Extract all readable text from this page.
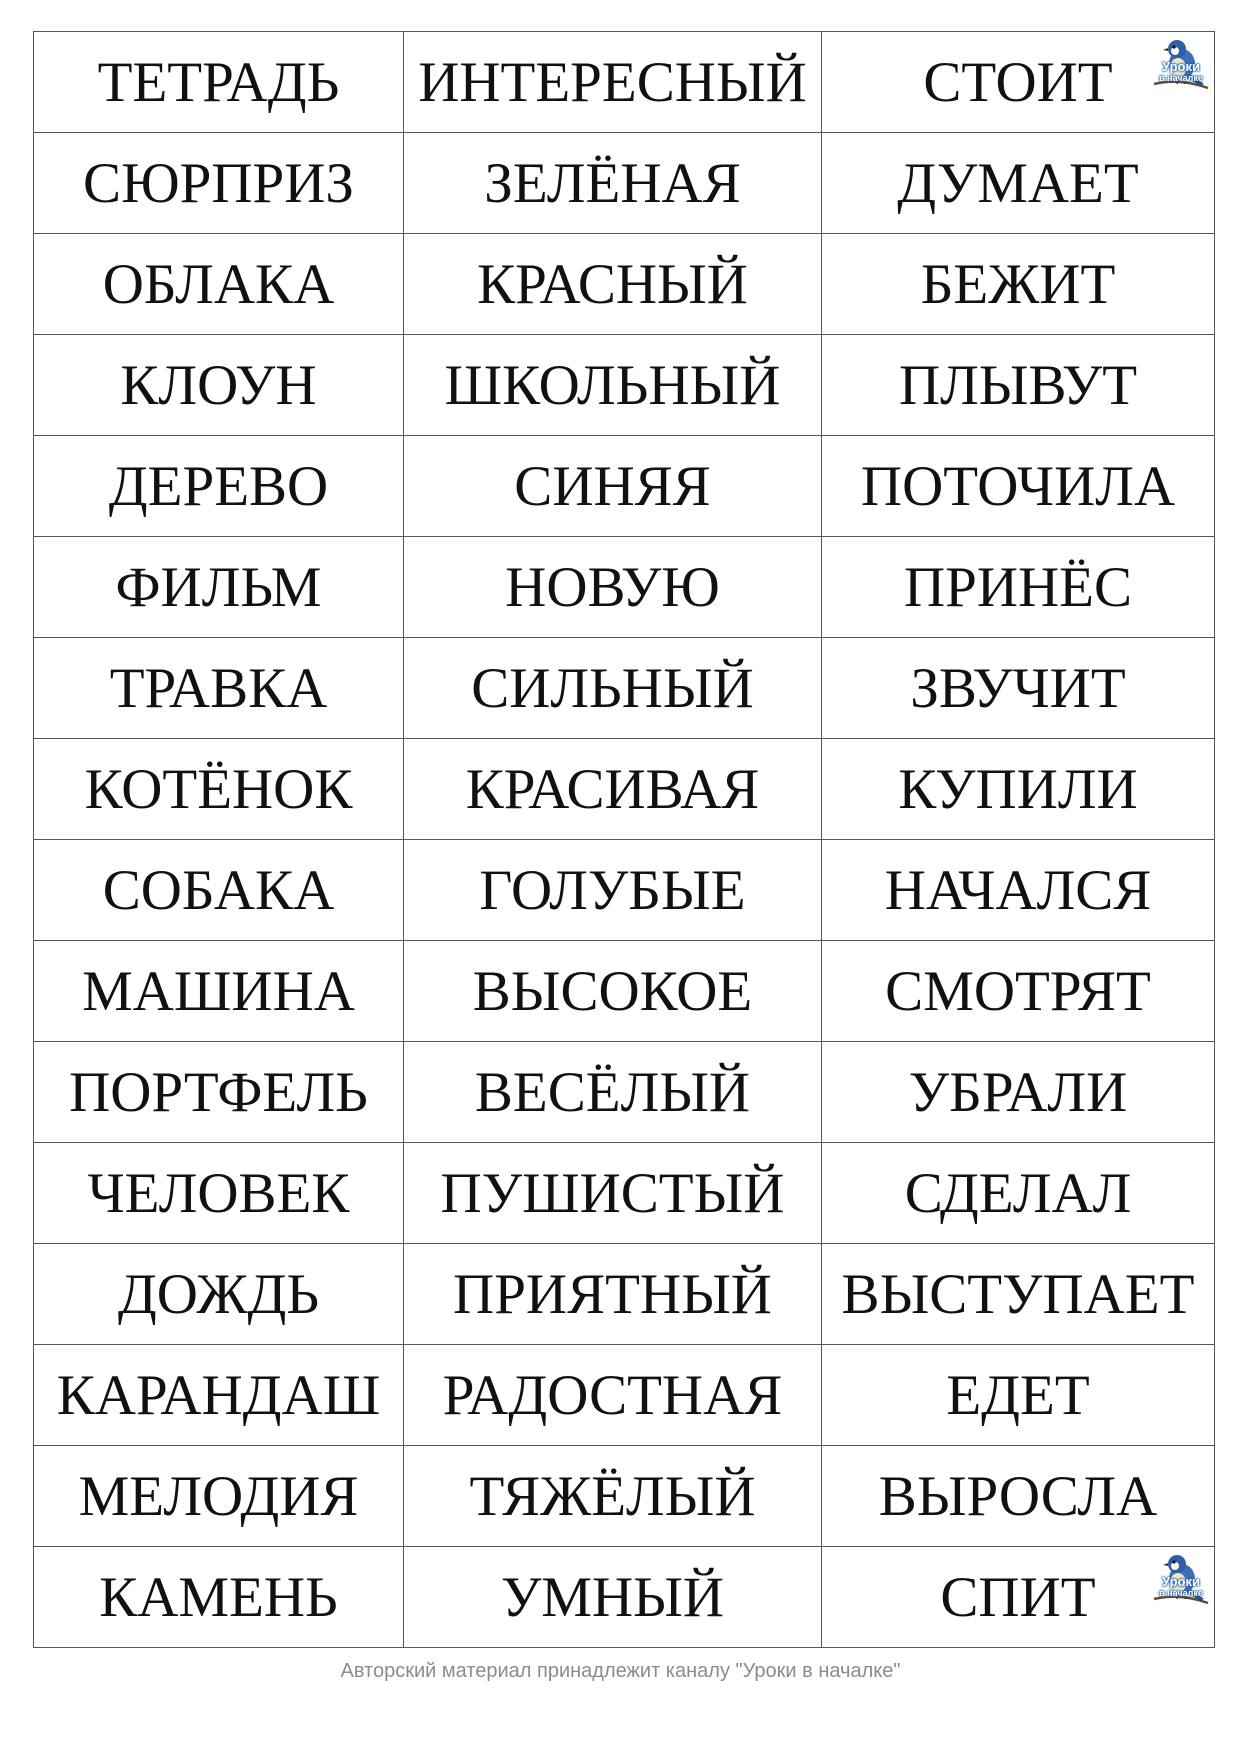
ТЕТРАДЬ	ИНТЕРЕСНЫЙ	СТОИТ Уроки
в началке

СЮРПРИЗ	ЗЕЛЁНАЯ	ДУМАЕТ
ОБЛАКА	КРАСНЫЙ	БЕЖИТ
КЛОУН	ШКОЛЬНЫЙ	ПЛЫВУТ
ДЕРЕВО	СИНЯЯ	ПОТОЧИЛА
ФИЛЬМ	НОВУЮ	ПРИНЁС
ТРАВКА	СИЛЬНЫЙ	ЗВУЧИТ
КОТЁНОК	КРАСИВАЯ	КУПИЛИ
СОБАКА	ГОЛУБЫЕ	НАЧАЛСЯ
МАШИНА	ВЫСОКОЕ	СМОТРЯТ
ПОРТФЕЛЬ	ВЕСЁЛЫЙ	УБРАЛИ
ЧЕЛОВЕК	ПУШИСТЫЙ	СДЕЛАЛ
ДОЖДЬ	ПРИЯТНЫЙ	ВЫСТУПАЕТ
КАРАНДАШ	РАДОСТНАЯ	ЕДЕТ
МЕЛОДИЯ	ТЯЖЁЛЫЙ	ВЫРОСЛА
КАМЕНЬ	УМНЫЙ	СПИТ Уроки
в началке
Авторский материал принадлежит каналу "Уроки в началке"
